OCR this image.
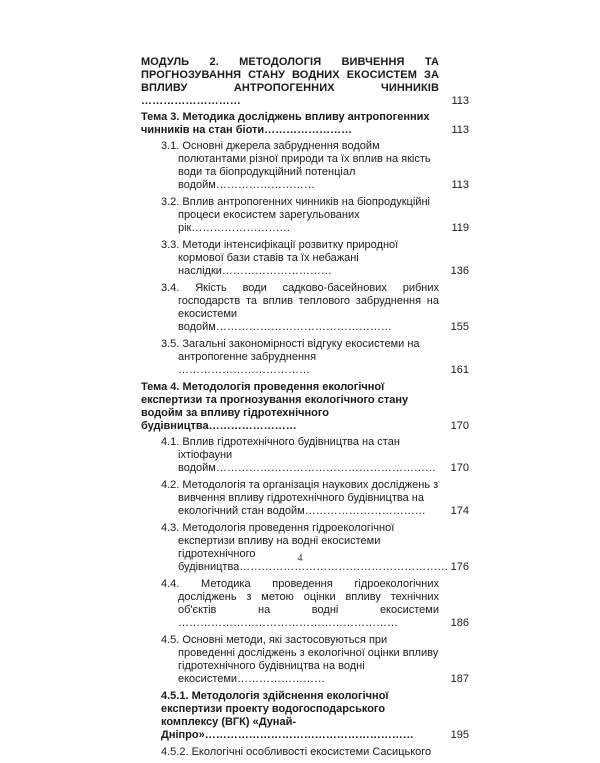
МОДУЛЬ 2. МЕТОДОЛОГІЯ ВИВЧЕННЯ ТА ПРОГНОЗУВАННЯ СТАНУ ВОДНИХ ЕКОСИСТЕМ ЗА ВПЛИВУ АНТРОПОГЕННИХ ЧИННИКІВ ………………………	113
Тема 3. Методика досліджень впливу антропогенних чинників на стан біоти……………………	113
3.1. Основні джерела забруднення водойм полютантами різної природи та їх вплив на якість води та біопродукційний потенціал водойм………………………	113
3.2. Вплив антропогенних чинників на біопродукційні процеси екосистем зарегульованих рік………………………	119
3.3. Методи інтенсифікації розвитку природної кормової бази ставів та їх небажані наслідки…………………………	136
3.4. Якість води садково-басейнових рибних господарств та вплив теплового забруднення на екосистеми водойм…………………………………………	155
3.5. Загальні закономірності відгуку екосистеми на антропогенне забруднення ………………………………	161
Тема 4. Методологія проведення екологічної експертизи та прогнозування екологічного стану водойм за впливу гідротехнічного будівництва……………………	170
4.1. Вплив гідротехнічного будівництва на стан іхтіофауни водойм……………………………………………………	170
4.2. Методологія та організація наукових досліджень з вивчення впливу гідротехнічного будівництва на екологічний стан водойм……………………………	174
4.3. Методологія проведення гідроекологічної експертизи впливу на водні екосистеми гідротехнічного будівництва………………………………………………… 176
4.4. Методика проведення гідроекологічних досліджень з метою оцінки впливу технічних об'єктів на водні екосистеми ……………………………………………………	186
4.5. Основні методи, які застосовуються при проведенні досліджень з екологічної оцінки впливу гідротехнічного будівництва на водні екосистеми……………………	187
4.5.1. Методологія здійснення екологічної експертизи проекту водогосподарського комплексу (ВГК) «Дунай-Дніпро»…………………………………………………	195
4.5.2. Екологічні особливості екосистеми Сасицького
4
